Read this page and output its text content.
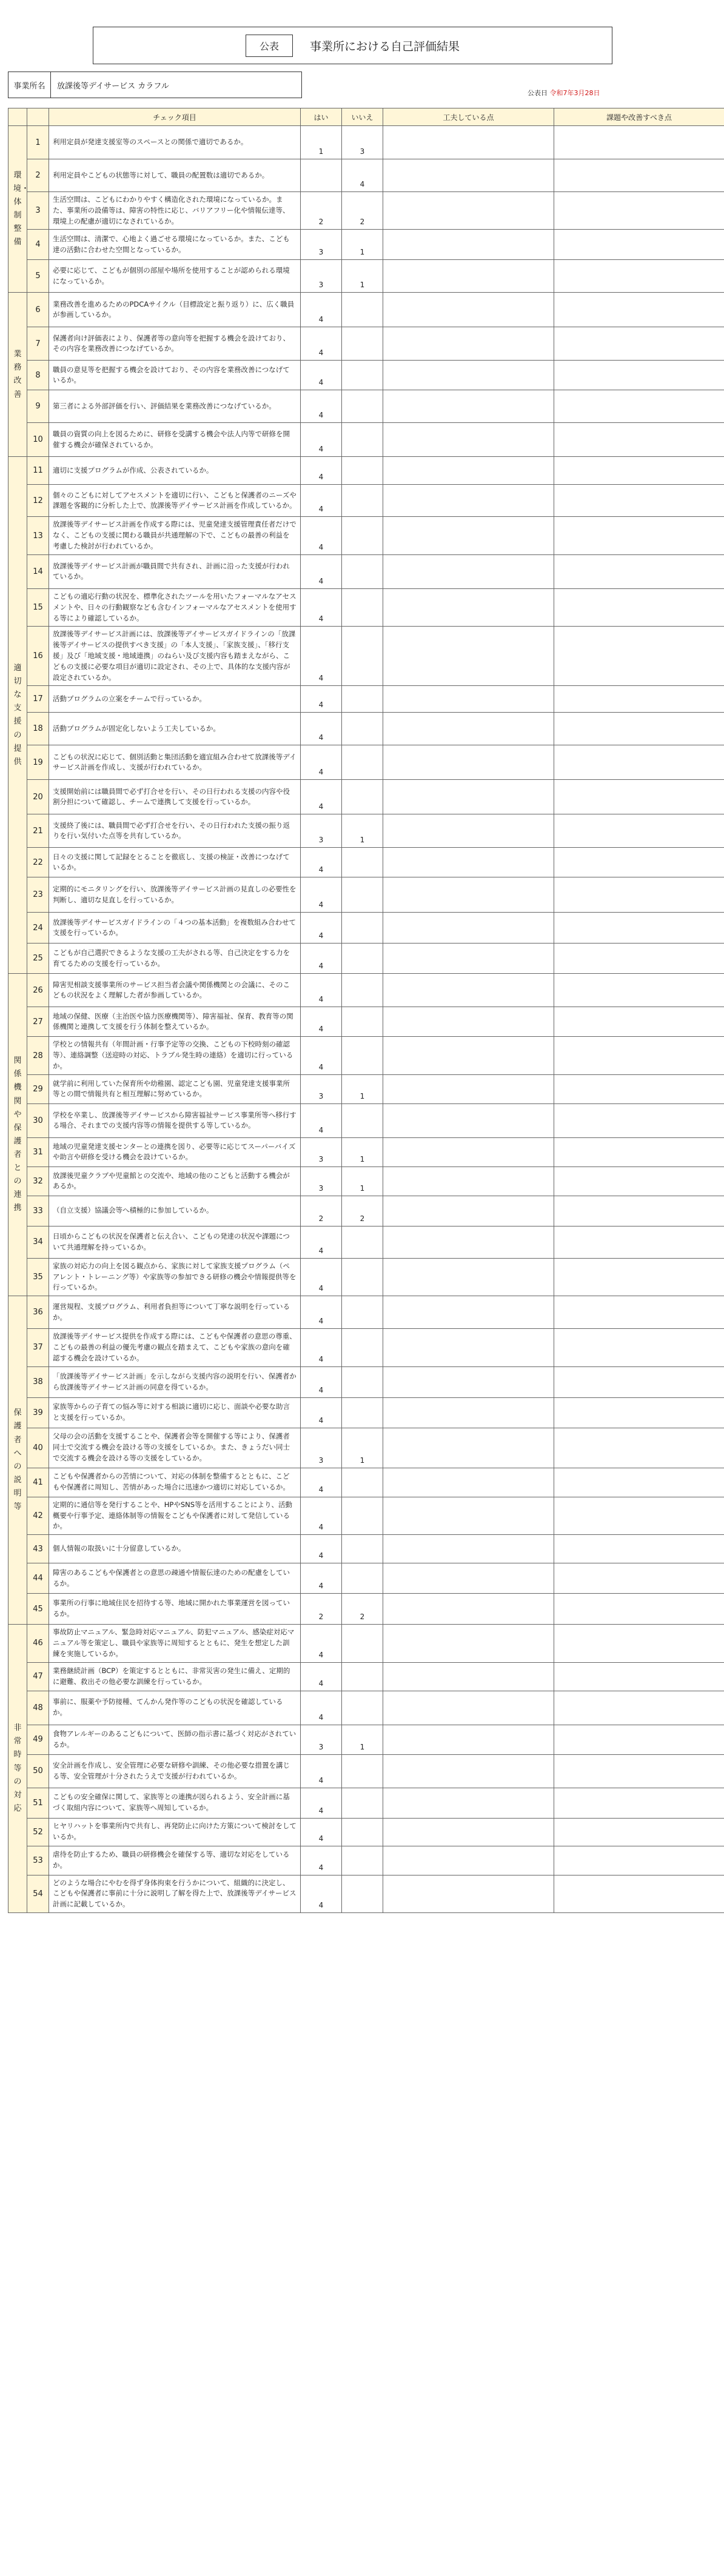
公表	事業所における自己評価結果
事業所名	放課後等デイサービス カラフル
公表日 令和7年3月28日
		チェック項目	はい	いいえ	工夫している点	課題や改善すべき点
環境・体制整備	1	利用定員が発達支援室等のスペースとの関係で適切であるか。	1	3		
	2	利用定員やこどもの状態等に対して、職員の配置数は適切であるか。		4		
	3	生活空間は、こどもにわかりやすく構造化された環境になっているか。また、事業所の設備等は、障害の特性に応じ、バリアフリー化や情報伝達等、環境上の配慮が適切になされているか。	2	2		
	4	生活空間は、清潔で、心地よく過ごせる環境になっているか。また、こども達の活動に合わせた空間となっているか。	3	1		
	5	必要に応じて、こどもが個別の部屋や場所を使用することが認められる環境になっているか。	3	1		
業務改善	6	業務改善を進めるためのPDCAサイクル（目標設定と振り返り）に、広く職員が参画しているか。	4			
	7	保護者向け評価表により、保護者等の意向等を把握する機会を設けており、その内容を業務改善につなげているか。	4			
	8	職員の意見等を把握する機会を設けており、その内容を業務改善につなげているか。	4			
	9	第三者による外部評価を行い、評価結果を業務改善につなげているか。	4			
	10	職員の資質の向上を図るために、研修を受講する機会や法人内等で研修を開催する機会が確保されているか。	4			
適切な支援の提供	11	適切に支援プログラムが作成、公表されているか。	4			
	12	個々のこどもに対してアセスメントを適切に行い、こどもと保護者のニーズや課題を客観的に分析した上で、放課後等デイサービス計画を作成しているか。	4			
	13	放課後等デイサービス計画を作成する際には、児童発達支援管理責任者だけでなく、こどもの支援に関わる職員が共通理解の下で、こどもの最善の利益を考慮した検討が行われているか。	4			
	14	放課後等デイサービス計画が職員間で共有され、計画に沿った支援が行われているか。	4			
	15	こどもの適応行動の状況を、標準化されたツールを用いたフォーマルなアセスメントや、日々の行動観察なども含むインフォーマルなアセスメントを使用する等により確認しているか。	4			
	16	放課後等デイサービス計画には、放課後等デイサービスガイドラインの「放課後等デイサービスの提供すべき支援」の「本人支援」、「家族支援」、「移行支援」及び「地域支援・地域連携」のねらい及び支援内容も踏まえながら、こどもの支援に必要な項目が適切に設定され、その上で、具体的な支援内容が設定されているか。	4			
	17	活動プログラムの立案をチームで行っているか。	4			
	18	活動プログラムが固定化しないよう工夫しているか。	4			
	19	こどもの状況に応じて、個別活動と集団活動を適宜組み合わせて放課後等デイサービス計画を作成し、支援が行われているか。	4			
	20	支援開始前には職員間で必ず打合せを行い、その日行われる支援の内容や役割分担について確認し、チームで連携して支援を行っているか。	4			
	21	支援終了後には、職員間で必ず打合せを行い、その日行われた支援の振り返りを行い気付いた点等を共有しているか。	3	1		
	22	日々の支援に関して記録をとることを徹底し、支援の検証・改善につなげているか。	4			
	23	定期的にモニタリングを行い、放課後等デイサービス計画の見直しの必要性を判断し、適切な見直しを行っているか。	4			
	24	放課後等デイサービスガイドラインの「４つの基本活動」を複数組み合わせて支援を行っているか。	4			
	25	こどもが自己選択できるような支援の工夫がされる等、自己決定をする力を育てるための支援を行っているか。	4			
関係機関や保護者との連携	26	障害児相談支援事業所のサービス担当者会議や関係機関との会議に、そのこどもの状況をよく理解した者が参画しているか。	4			
	27	地域の保健、医療（主治医や協力医療機関等）、障害福祉、保育、教育等の関係機関と連携して支援を行う体制を整えているか。	4			
	28	学校との情報共有（年間計画・行事予定等の交換、こどもの下校時刻の確認等）、連絡調整（送迎時の対応、トラブル発生時の連絡）を適切に行っているか。	4			
	29	就学前に利用していた保育所や幼稚園、認定こども園、児童発達支援事業所等との間で情報共有と相互理解に努めているか。	3	1		
	30	学校を卒業し、放課後等デイサービスから障害福祉サービス事業所等へ移行する場合、それまでの支援内容等の情報を提供する等しているか。	4			
	31	地域の児童発達支援センターとの連携を図り、必要等に応じてスーパーバイズや助言や研修を受ける機会を設けているか。	3	1		
	32	放課後児童クラブや児童館との交流や、地域の他のこどもと活動する機会があるか。	3	1		
	33	（自立支援）協議会等へ積極的に参加しているか。	2	2		
	34	日頃からこどもの状況を保護者と伝え合い、こどもの発達の状況や課題について共通理解を持っているか。	4			
	35	家族の対応力の向上を図る観点から、家族に対して家族支援プログラム（ペアレント・トレーニング等）や家族等の参加できる研修の機会や情報提供等を行っているか。	4			
保護者への説明等	36	運営規程、支援プログラム、利用者負担等について丁寧な説明を行っているか。	4			
	37	放課後等デイサービス提供を作成する際には、こどもや保護者の意思の尊重、こどもの最善の利益の優先考慮の観点を踏まえて、こどもや家族の意向を確認する機会を設けているか。	4			
	38	「放課後等デイサービス計画」を示しながら支援内容の説明を行い、保護者から放課後等デイサービス計画の同意を得ているか。	4			
	39	家族等からの子育ての悩み等に対する相談に適切に応じ、面談や必要な助言と支援を行っているか。	4			
	40	父母の会の活動を支援することや、保護者会等を開催する等により、保護者同士で交流する機会を設ける等の支援をしているか。また、きょうだい同士で交流する機会を設ける等の支援をしているか。	3	1		
	41	こどもや保護者からの苦情について、対応の体制を整備するとともに、こどもや保護者に周知し、苦情があった場合に迅速かつ適切に対応しているか。	4			
	42	定期的に通信等を発行することや、HPやSNS等を活用することにより、活動概要や行事予定、連絡体制等の情報をこどもや保護者に対して発信しているか。	4			
	43	個人情報の取扱いに十分留意しているか。	4			
	44	障害のあるこどもや保護者との意思の疎通や情報伝達のための配慮をしているか。	4			
	45	事業所の行事に地域住民を招待する等、地域に開かれた事業運営を図っているか。	2	2		
非常時等の対応	46	事故防止マニュアル、緊急時対応マニュアル、防犯マニュアル、感染症対応マニュアル等を策定し、職員や家族等に周知するとともに、発生を想定した訓練を実施しているか。	4			
	47	業務継続計画（BCP）を策定するとともに、非常災害の発生に備え、定期的に避難、救出その他必要な訓練を行っているか。	4			
	48	事前に、服薬や予防接種、てんかん発作等のこどもの状況を確認しているか。	4			
	49	食物アレルギーのあるこどもについて、医師の指示書に基づく対応がされているか。	3	1		
	50	安全計画を作成し、安全管理に必要な研修や訓練、その他必要な措置を講じる等、安全管理が十分されたうえで支援が行われているか。	4			
	51	こどもの安全確保に関して、家族等との連携が図られるよう、安全計画に基づく取組内容について、家族等へ周知しているか。	4			
	52	ヒヤリハットを事業所内で共有し、再発防止に向けた方策について検討をしているか。	4			
	53	虐待を防止するため、職員の研修機会を確保する等、適切な対応をしているか。	4			
	54	どのような場合にやむを得ず身体拘束を行うかについて、組織的に決定し、こどもや保護者に事前に十分に説明し了解を得た上で、放課後等デイサービス計画に記載しているか。	4			
